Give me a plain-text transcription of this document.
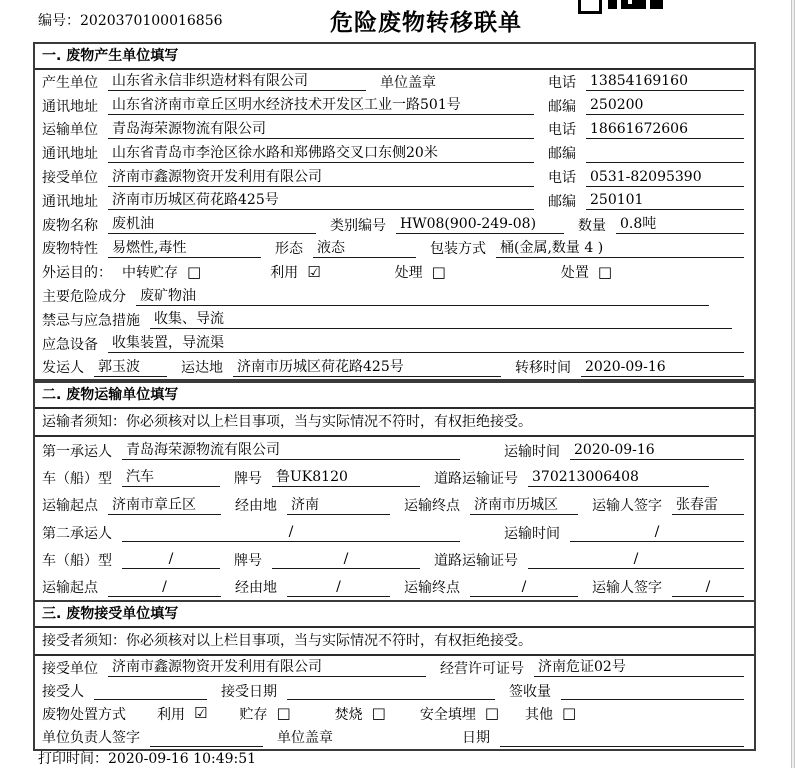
编号：2020370100016856	危险废物转移联单
一. 废物产生单位填写
产生单位 山东省永信非织造材料有限公司	单位盖章	电话 13854169160
通讯地址 山东省济南市章丘区明水经济技术开发区工业一路501号	邮编 250200
运输单位 青岛海荣源物流有限公司	电话 18661672606
通讯地址 山东省青岛市李沧区徐水路和郑佛路交叉口东侧20米	邮编
接受单位 济南市鑫源物资开发利用有限公司	电话 0531-82095390
通讯地址 济南市历城区荷花路425号	邮编 250101
废物名称 废机油	类别编号 HW08(900-249-08)	数量 0.8吨
废物特性 易燃性,毒性	形态 液态	包装方式 桶(金属,数量 4 )
外运目的： 中转贮存 □	利用 ☑	处理 □	处置 □
主要危险成分 废矿物油
禁忌与应急措施 收集、导流
应急设备 收集装置，导流渠
发运人 郭玉波	运达地 济南市历城区荷花路425号	转移时间 2020-09-16
二. 废物运输单位填写
运输者须知：你必须核对以上栏目事项，当与实际情况不符时，有权拒绝接受。
第一承运人 青岛海荣源物流有限公司	运输时间 2020-09-16
车（船）型 汽车	牌号 鲁UK8120	道路运输证号 370213006408
运输起点 济南市章丘区	经由地 济南	运输终点 济南市历城区	运输人签字 张春雷
第二承运人	/	运输时间	/
车（船）型	/	牌号	/	道路运输证号	/
运输起点	/	经由地	/	运输终点	/	运输人签字	/
三. 废物接受单位填写
接受者须知：你必须核对以上栏目事项，当与实际情况不符时，有权拒绝接受。
接受单位 济南市鑫源物资开发利用有限公司	经营许可证号 济南危证02号
接受人	接受日期	签收量
废物处置方式 利用 ☑ 贮存 □	焚烧 □ 安全填埋 □ 其他 □
单位负责人签字	单位盖章	日期
打印时间：2020-09-16 10:49:51
